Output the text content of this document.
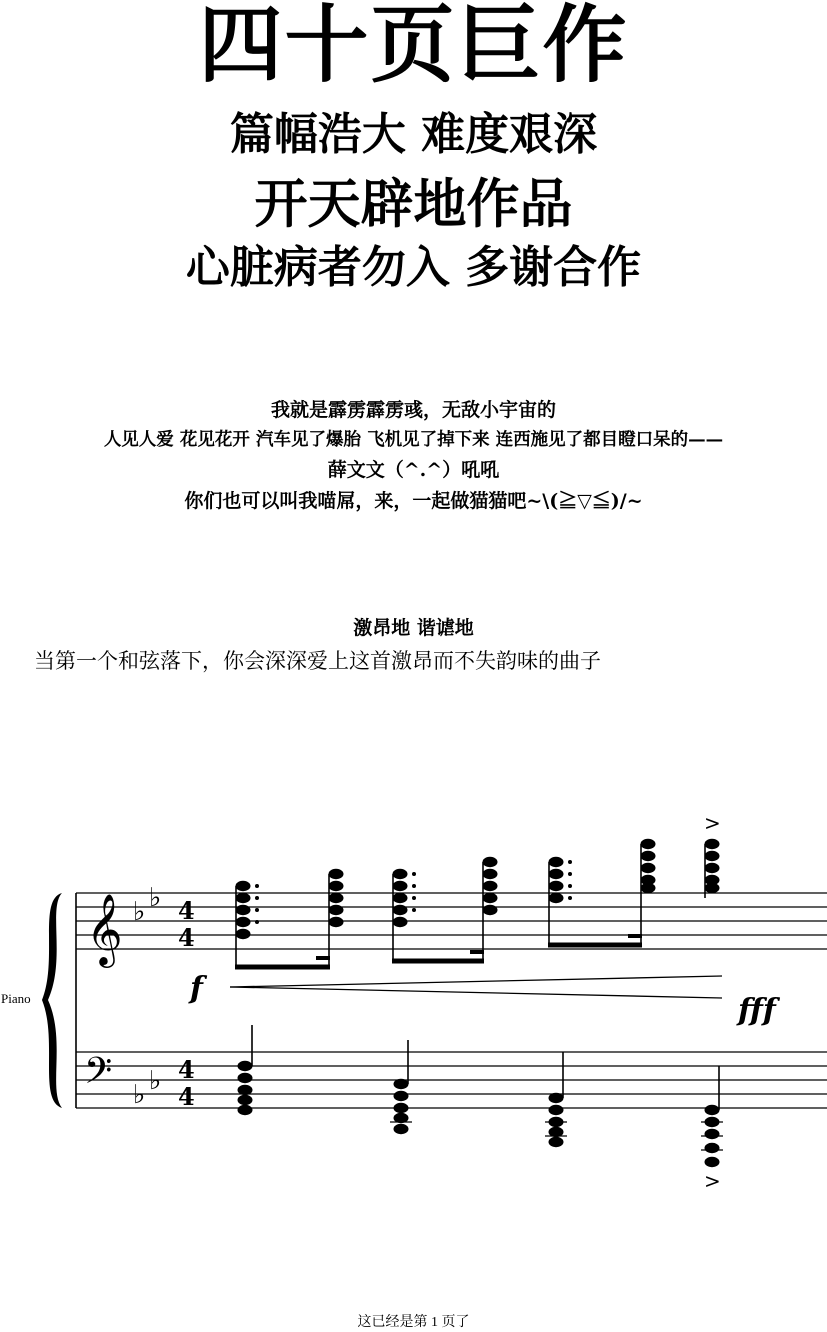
四十页巨作
篇幅浩大 难度艰深
开天辟地作品
心脏病者勿入 多谢合作
我就是霹雳霹雳彧，无敌小宇宙的
人见人爱 花见花开 汽车见了爆胎 飞机见了掉下来 连西施见了都目瞪口呆的——
薛文文（^.^）吼吼
你们也可以叫我喵屌，来，一起做猫猫吧~\(≧▽≦)/~
激昂地 谐谑地
当第一个和弦落下，你会深深爱上这首激昂而不失韵味的曲子
Piano
𝄞
𝄢
♭ ♭
♭ ♭
4
4
4
4
>
>
f
fff
这已经是第 1 页了
